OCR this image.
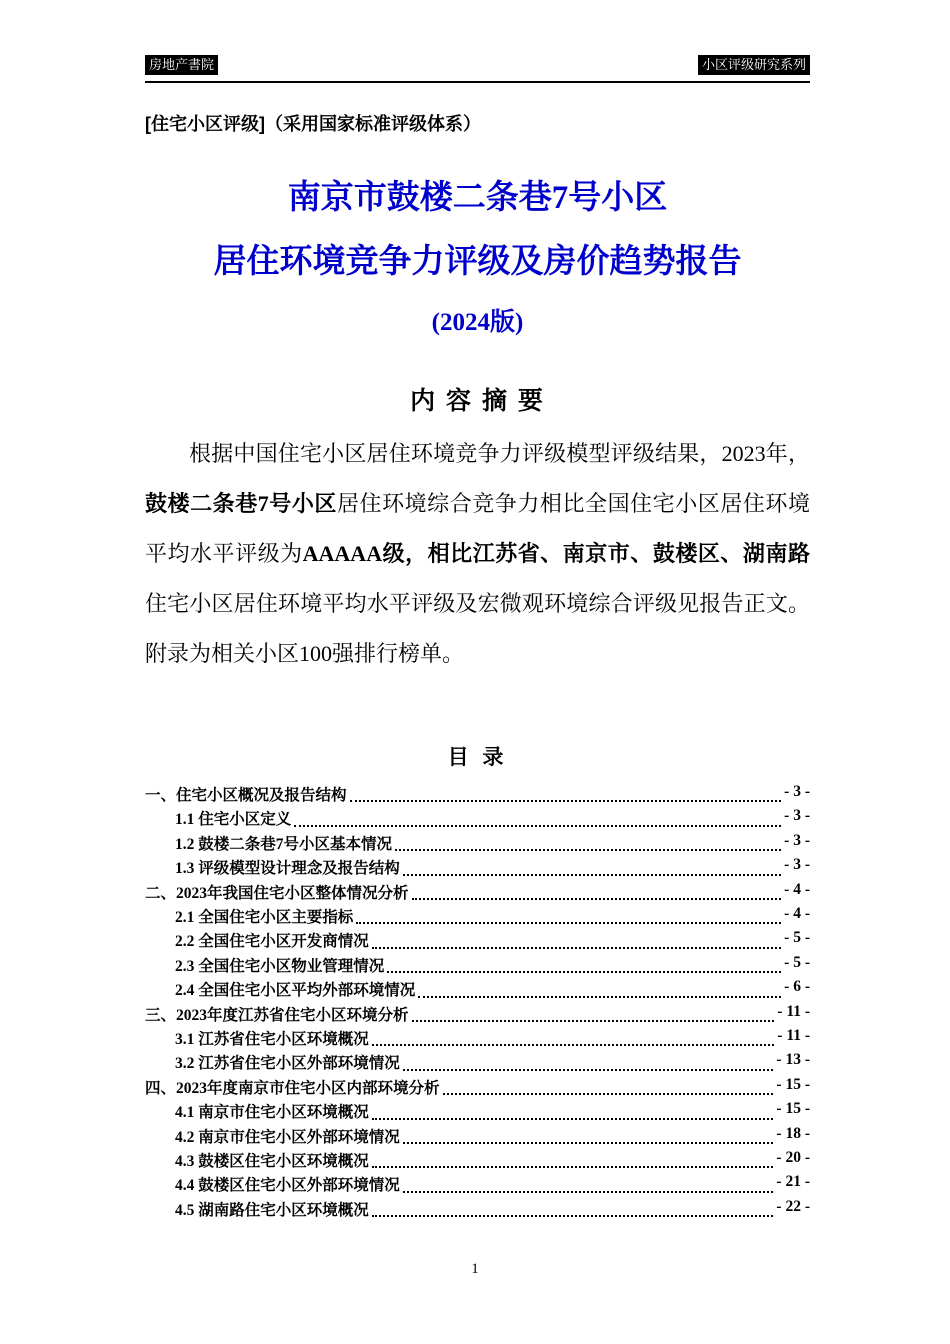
房地产書院	小区评级研究系列
[住宅小区评级]（采用国家标准评级体系）
南京市鼓楼二条巷7号小区
居住环境竞争力评级及房价趋势报告
(2024版)
内 容 摘 要
根据中国住宅小区居住环境竞争力评级模型评级结果，2023年，鼓楼二条巷7号小区居住环境综合竞争力相比全国住宅小区居住环境平均水平评级为AAAAA级，相比江苏省、南京市、鼓楼区、湖南路住宅小区居住环境平均水平评级及宏微观环境综合评级见报告正文。附录为相关小区100强排行榜单。
目 录
一、住宅小区概况及报告结构	- 3 -
1.1 住宅小区定义	- 3 -
1.2 鼓楼二条巷7号小区基本情况	- 3 -
1.3 评级模型设计理念及报告结构	- 3 -
二、2023年我国住宅小区整体情况分析	- 4 -
2.1 全国住宅小区主要指标	- 4 -
2.2 全国住宅小区开发商情况	- 5 -
2.3 全国住宅小区物业管理情况	- 5 -
2.4 全国住宅小区平均外部环境情况	- 6 -
三、2023年度江苏省住宅小区环境分析	- 11 -
3.1 江苏省住宅小区环境概况	- 11 -
3.2 江苏省住宅小区外部环境情况	- 13 -
四、2023年度南京市住宅小区内部环境分析	- 15 -
4.1 南京市住宅小区环境概况	- 15 -
4.2 南京市住宅小区外部环境情况	- 18 -
4.3 鼓楼区住宅小区环境概况	- 20 -
4.4 鼓楼区住宅小区外部环境情况	- 21 -
4.5 湖南路住宅小区环境概况	- 22 -
1
